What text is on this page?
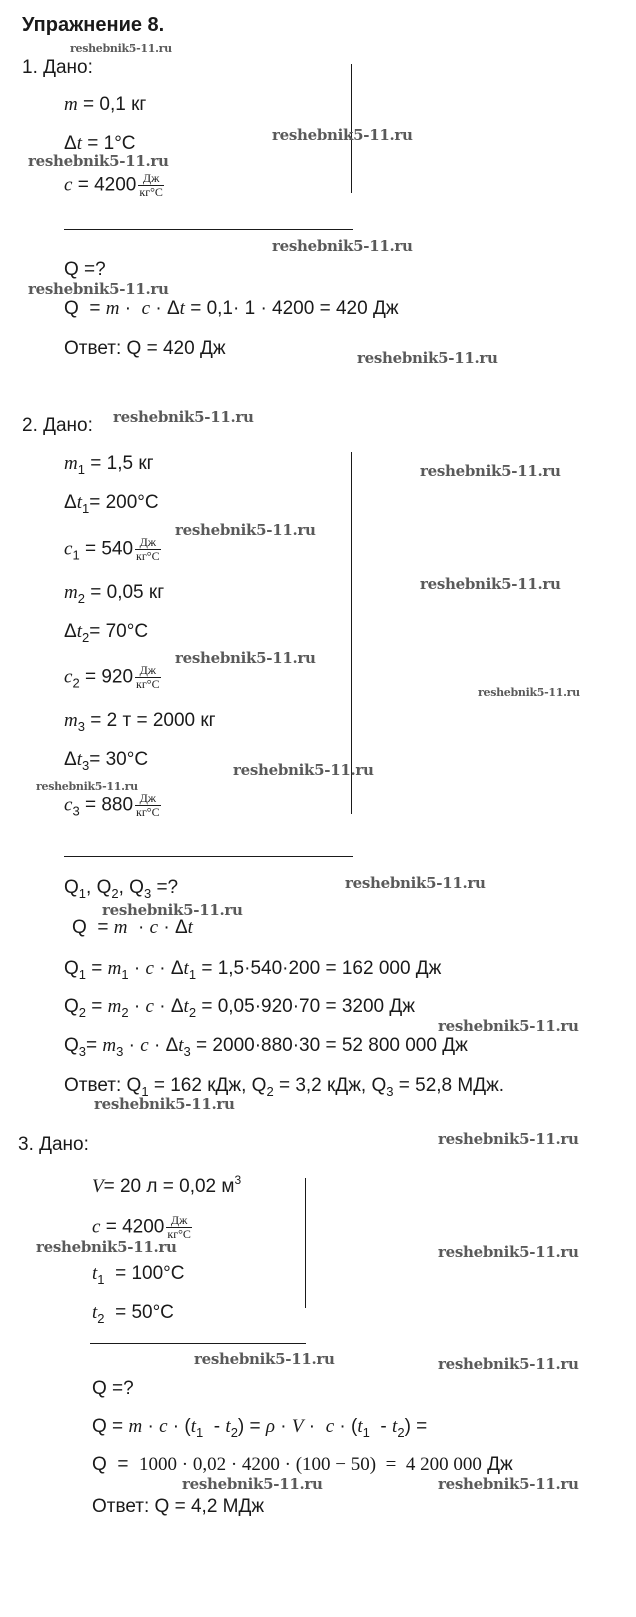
Упражнение 8.
1. Дано:
m = 0,1 кг
Δt = 1°C
$c = 4200 \frac{Дж}{кг^\circ C}$
Q =?
Q  = m ·  c · Δt = 0,1· 1 · 4200 = 420 Дж
Ответ: Q = 420 Дж
2. Дано:
$m_1 = 1,5$ кг
$\Delta t_1= 200^\circ C$
$c_1 = 540 \frac{Дж}{кг^\circ C}$
$m_2 = 0,05$ кг
$\Delta t_2= 70^\circ C$
$c_2 = 920 \frac{Дж}{кг^\circ C}$
$m_3 = 2$ т = 2000 кг
$\Delta t_3= 30^\circ C$
$c_3 = 880 \frac{Дж}{кг^\circ C}$
$Q_1$, $Q_2$, $Q_3$ =?
Q  = m  · c · Δt
$Q_1 = m_1 \cdot c \cdot \Delta t_1 = 1,5\cdot 540\cdot 200 = 162$ 000 Дж
$Q_2 = m_2 \cdot c \cdot \Delta t_2 = 0,05\cdot 920\cdot 70 = 3200$ Дж
$Q_3= m_3 \cdot c \cdot \Delta t_3 = 2000\cdot 880\cdot 30 = 52$ 800 000 Дж
Ответ: $Q_1 = 162$ кДж, $Q_2 = 3,2$ кДж, $Q_3 = 52,8$ МДж.
3. Дано:
V= 20 л = 0,02 $м^3$
$c = 4200 \frac{Дж}{кг^\circ C}$
$t_1 = 100^\circ C$
$t_2 = 50^\circ C$
Q =?
$Q = m \cdot c \cdot (t_1 - t_2) = \rho \cdot V \cdot c \cdot (t_1 - t_2)$ =
Q  =  1000 · 0,02 · 4200 · (100 − 50)  =  4 200 000 Дж
Ответ: Q = 4,2 МДж
reshebnik5-11.ru
reshebnik5-11.ru
reshebnik5-11.ru
reshebnik5-11.ru
reshebnik5-11.ru
reshebnik5-11.ru
reshebnik5-11.ru
reshebnik5-11.ru
reshebnik5-11.ru
reshebnik5-11.ru
reshebnik5-11.ru
reshebnik5-11.ru
reshebnik5-11.ru
reshebnik5-11.ru
reshebnik5-11.ru
reshebnik5-11.ru
reshebnik5-11.ru
reshebnik5-11.ru
reshebnik5-11.ru
reshebnik5-11.ru	reshebnik5-11.ru
reshebnik5-11.ru	reshebnik5-11.ru
reshebnik5-11.ru	reshebnik5-11.ru
